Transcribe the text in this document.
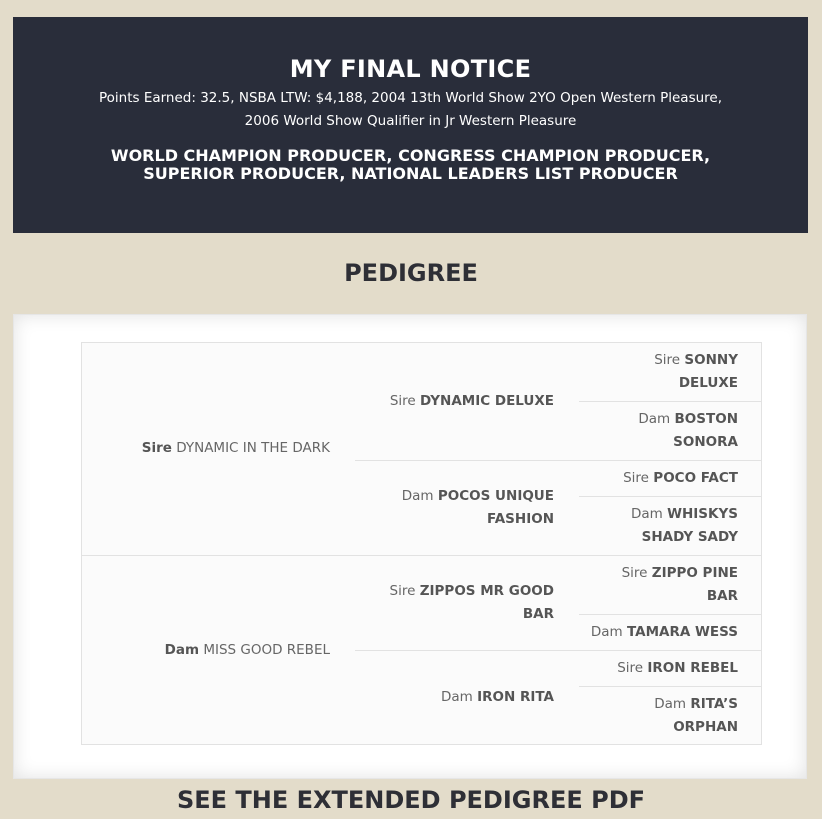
MY FINAL NOTICE
Points Earned: 32.5, NSBA LTW: $4,188, 2004 13th World Show 2YO Open Western Pleasure, 2006 World Show Qualifier in Jr Western Pleasure
WORLD CHAMPION PRODUCER, CONGRESS CHAMPION PRODUCER, SUPERIOR PRODUCER, NATIONAL LEADERS LIST PRODUCER
PEDIGREE
Sire DYNAMIC IN THE DARK
Dam MISS GOOD REBEL
Sire DYNAMIC DELUXE
Dam POCOS UNIQUE FASHION
Sire ZIPPOS MR GOOD BAR
Dam IRON RITA
Sire SONNY DELUXE
Dam BOSTON SONORA
Sire POCO FACT
Dam WHISKYS SHADY SADY
Sire ZIPPO PINE BAR
Dam TAMARA WESS
Sire IRON REBEL
Dam RITA’S ORPHAN
SEE THE EXTENDED PEDIGREE PDF
